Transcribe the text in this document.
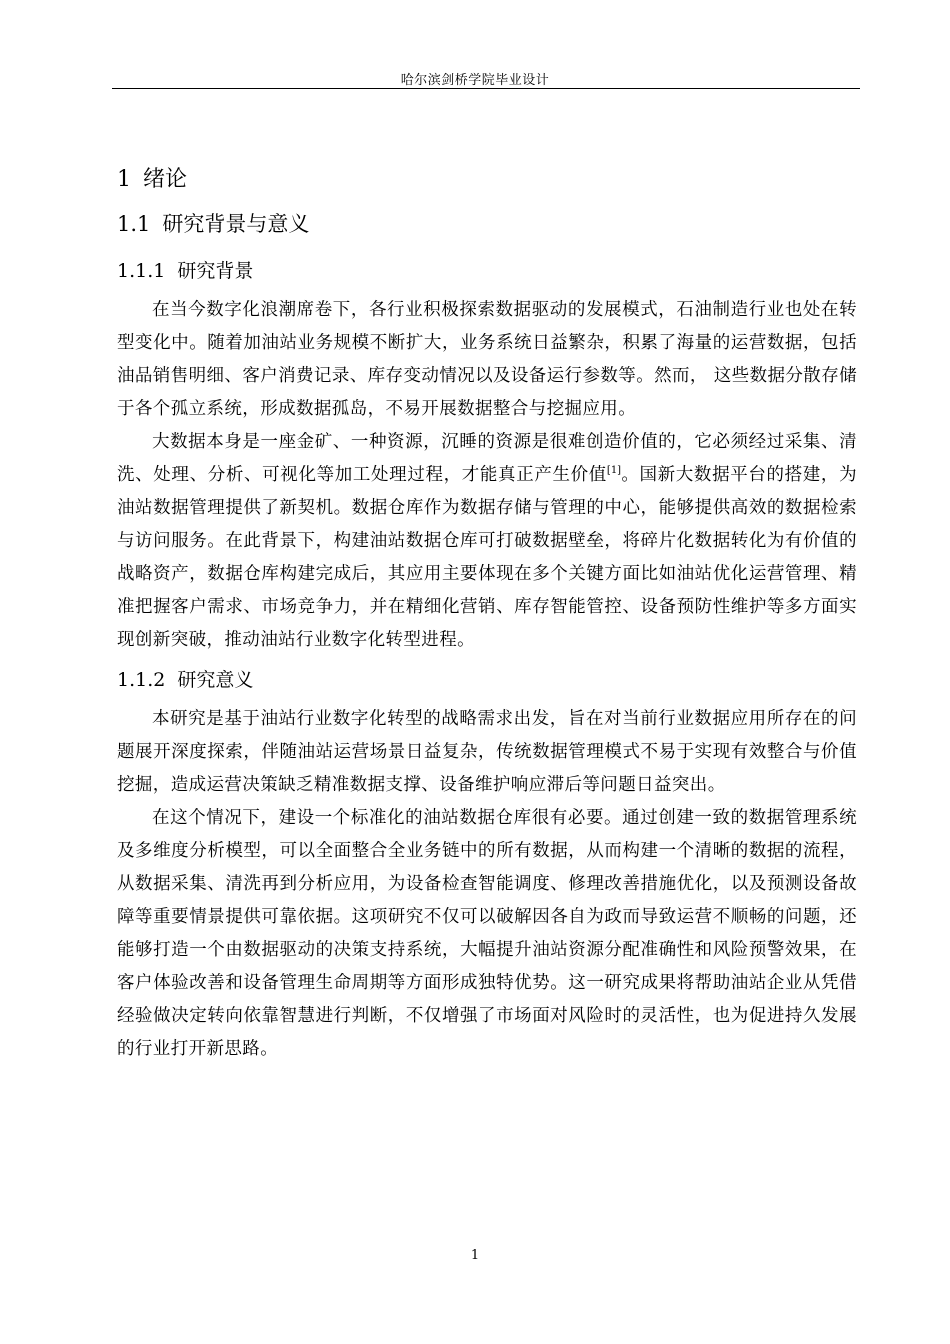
哈尔滨剑桥学院毕业设计
1 绪论
1.1 研究背景与意义
1.1.1 研究背景

在当今数字化浪潮席卷下，各行业积极探索数据驱动的发展模式，石油制造行业也处在转型变化中。随着加油站业务规模不断扩大，业务系统日益繁杂，积累了海量的运营数据，包括油品销售明细、客户消费记录、库存变动情况以及设备运行参数等。然而， 这些数据分散存储于各个孤立系统，形成数据孤岛，不易开展数据整合与挖掘应用。

大数据本身是一座金矿、一种资源，沉睡的资源是很难创造价值的，它必须经过采集、清洗、处理、分析、可视化等加工处理过程，才能真正产生价值[1]。国新大数据平台的搭建，为油站数据管理提供了新契机。数据仓库作为数据存储与管理的中心，能够提供高效的数据检索与访问服务。在此背景下，构建油站数据仓库可打破数据壁垒，将碎片化数据转化为有价值的战略资产，数据仓库构建完成后，其应用主要体现在多个关键方面比如油站优化运营管理、精准把握客户需求、市场竞争力，并在精细化营销、库存智能管控、设备预防性维护等多方面实现创新突破，推动油站行业数字化转型进程。

1.1.2 研究意义

本研究是基于油站行业数字化转型的战略需求出发，旨在对当前行业数据应用所存在的问题展开深度探索，伴随油站运营场景日益复杂，传统数据管理模式不易于实现有效整合与价值挖掘，造成运营决策缺乏精准数据支撑、设备维护响应滞后等问题日益突出。

在这个情况下，建设一个标准化的油站数据仓库很有必要。通过创建一致的数据管理系统及多维度分析模型，可以全面整合全业务链中的所有数据，从而构建一个清晰的数据的流程，从数据采集、清洗再到分析应用，为设备检查智能调度、修理改善措施优化，以及预测设备故障等重要情景提供可靠依据。这项研究不仅可以破解因各自为政而导致运营不顺畅的问题，还能够打造一个由数据驱动的决策支持系统，大幅提升油站资源分配准确性和风险预警效果，在客户体验改善和设备管理生命周期等方面形成独特优势。这一研究成果将帮助油站企业从凭借经验做决定转向依靠智慧进行判断，不仅增强了市场面对风险时的灵活性，也为促进持久发展的行业打开新思路。

1
